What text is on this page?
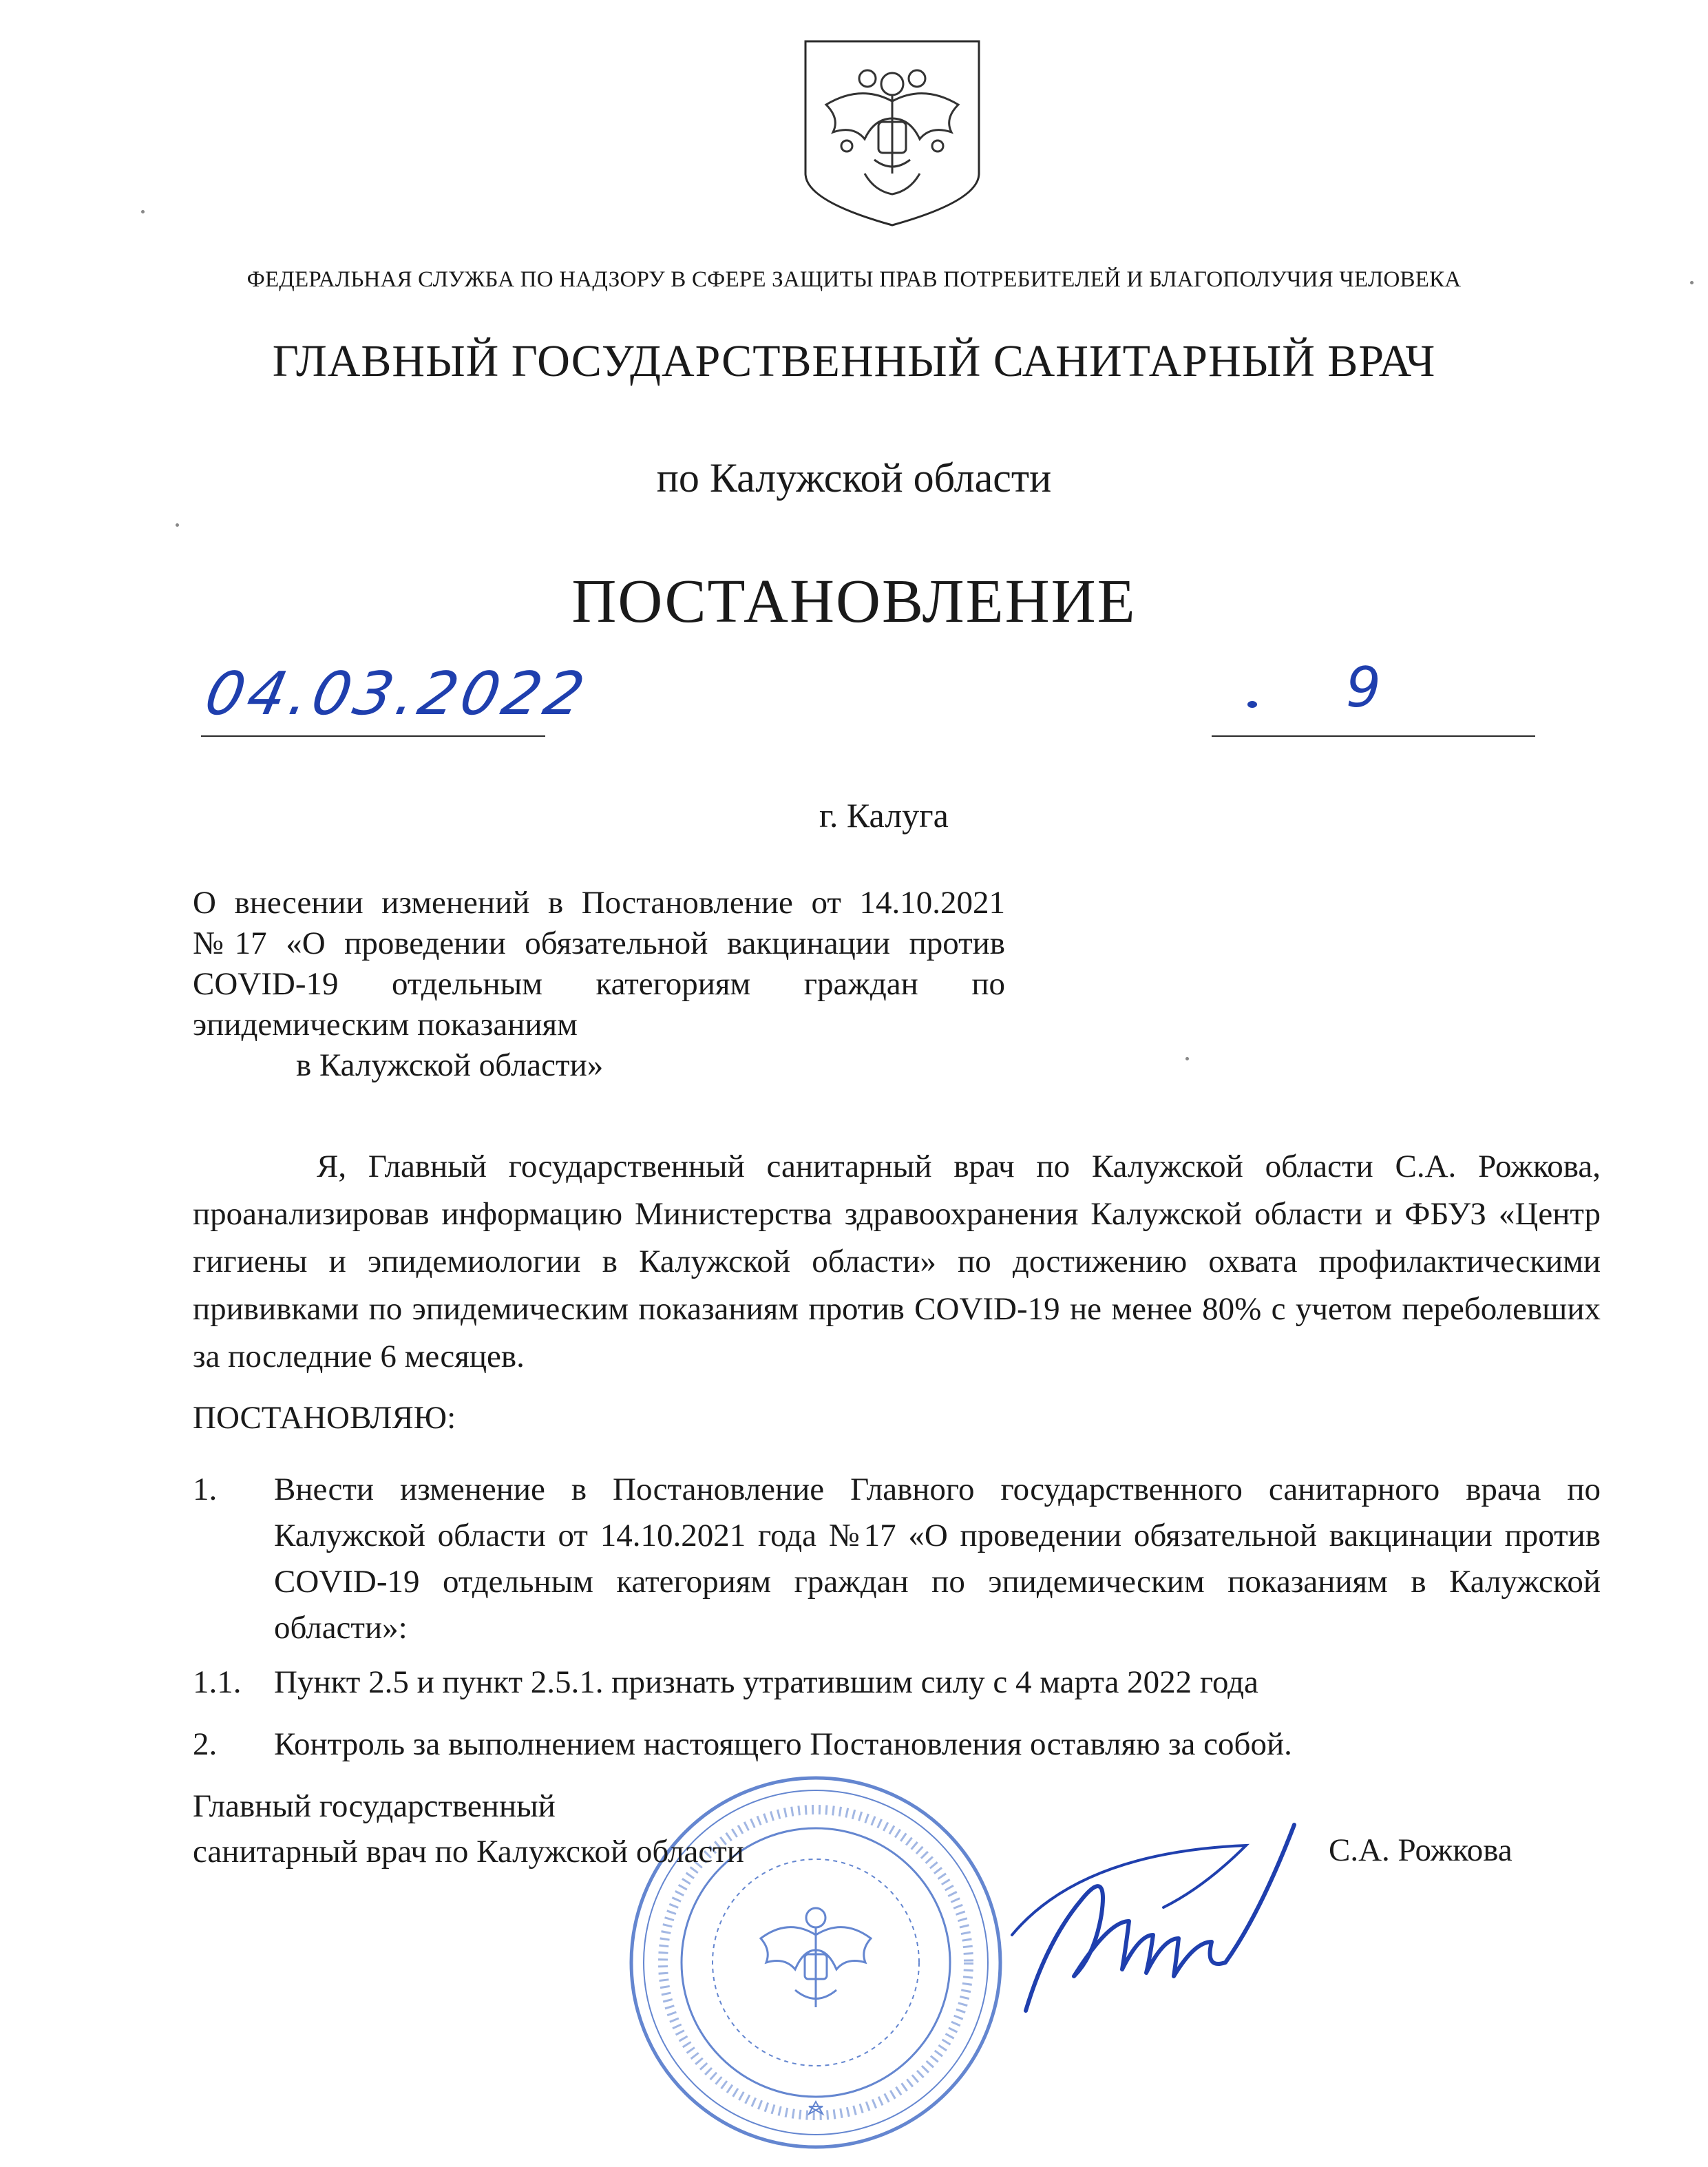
ФЕДЕРАЛЬНАЯ СЛУЖБА ПО НАДЗОРУ В СФЕРЕ ЗАЩИТЫ ПРАВ ПОТРЕБИТЕЛЕЙ И БЛАГОПОЛУЧИЯ ЧЕЛОВЕКА
ГЛАВНЫЙ ГОСУДАРСТВЕННЫЙ САНИТАРНЫЙ ВРАЧ
по Калужской области
ПОСТАНОВЛЕНИЕ
04.03.2022	9
г. Калуга
О внесении изменений в Постановление от 14.10.2021 №17 «О проведении обязательной вакцинации против COVID-19 отдельным категориям граждан по эпидемическим показаниям
в Калужской области»
Я, Главный государственный санитарный врач по Калужской области С.А. Рожкова, проанализировав информацию Министерства здравоохранения Калужской области и ФБУЗ «Центр гигиены и эпидемиологии в Калужской области» по достижению охвата профилактическими прививками по эпидемическим показаниям против COVID-19 не менее 80% с учетом переболевших за последние 6 месяцев.
ПОСТАНОВЛЯЮ:
1. Внести изменение в Постановление Главного государственного санитарного врача по Калужской области от 14.10.2021 года №17 «О проведении обязательной вакцинации против COVID-19 отдельным категориям граждан по эпидемическим показаниям в Калужской области»:
1.1. Пункт 2.5 и пункт 2.5.1. признать утратившим силу с 4 марта 2022 года
2. Контроль за выполнением настоящего Постановления оставляю за собой.
Главный государственный
санитарный врач по Калужской области	С.А. Рожкова
